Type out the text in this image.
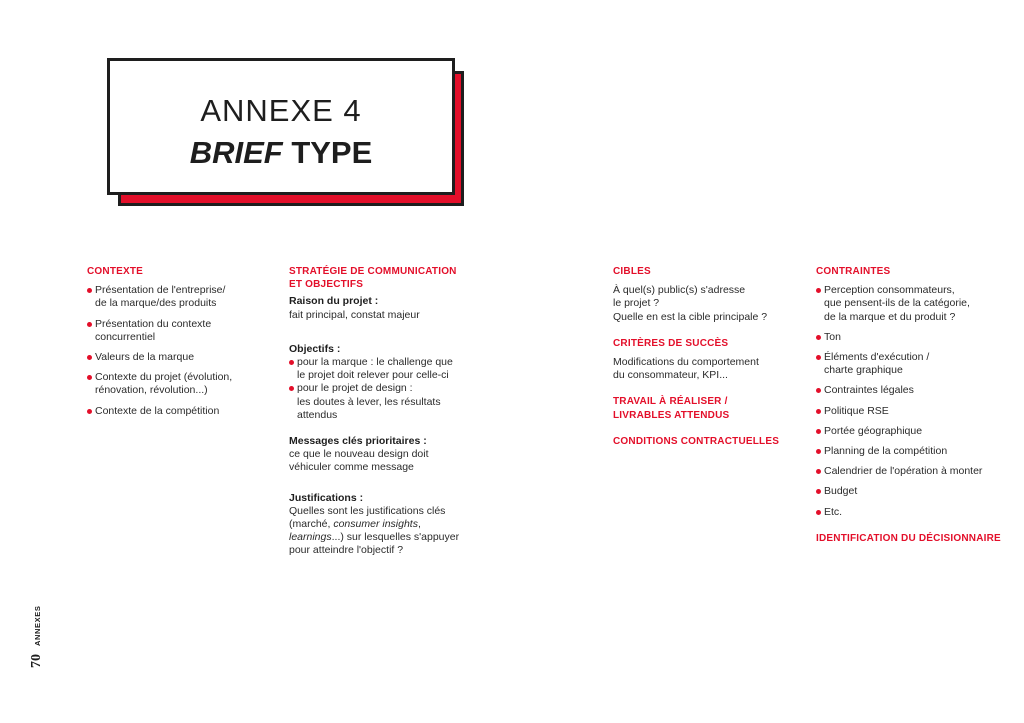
ANNEXE 4
BRIEF TYPE
CONTEXTE
Présentation de l'entreprise/
de la marque/des produits
Présentation du contexte
concurrentiel
Valeurs de la marque
Contexte du projet (évolution,
rénovation, révolution...)
Contexte de la compétition
STRATÉGIE DE COMMUNICATION
ET OBJECTIFS

Raison du projet :

fait principal, constat majeur

Objectifs :

pour la marque : le challenge que
le projet doit relever pour celle-ci
pour le projet de design :
les doutes à lever, les résultats
attendus

Messages clés prioritaires :

ce que le nouveau design doit
véhiculer comme message

Justifications :

Quelles sont les justifications clés
(marché, consumer insights,
learnings...) sur lesquelles s'appuyer
pour atteindre l'objectif ?
CIBLES

À quel(s) public(s) s'adresse
le projet ?
Quelle en est la cible principale ?

CRITÈRES DE SUCCÈS

Modifications du comportement
du consommateur, KPI...

TRAVAIL À RÉALISER /
LIVRABLES ATTENDUS
CONDITIONS CONTRACTUELLES
CONTRAINTES
Perception consommateurs,
que pensent-ils de la catégorie,
de la marque et du produit ?
Ton
Éléments d'exécution /
charte graphique
Contraintes légales
Politique RSE
Portée géographique
Planning de la compétition
Calendrier de l'opération à monter
Budget
Etc.
IDENTIFICATION DU DÉCISIONNAIRE
70ANNEXES
